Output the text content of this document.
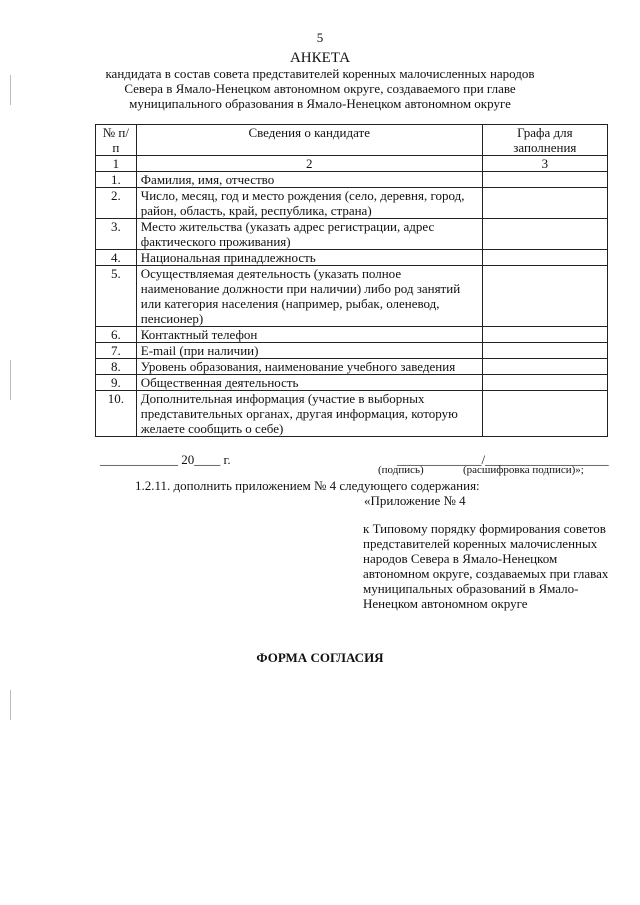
5
АНКЕТА
кандидата в состав совета представителей коренных малочисленных народов Севера в Ямало-Ненецком автономном округе, создаваемого при главе муниципального образования в Ямало-Ненецком автономном округе
№ п/п	Сведения о кандидате	Графа для заполнения
1	2	3
1.	Фамилия, имя, отчество	
2.	Число, месяц, год и место рождения (село, деревня, город, район, область, край, республика, страна)	
3.	Место жительства (указать адрес регистрации, адрес фактического проживания)	
4.	Национальная принадлежность	
5.	Осуществляемая деятельность (указать полное наименование должности при наличии) либо род занятий или категория населения (например, рыбак, оленевод, пенсионер)	
6.	Контактный телефон	
7.	E-mail (при наличии)	
8.	Уровень образования, наименование учебного заведения	
9.	Общественная деятельность	
10.	Дополнительная информация (участие в выборных представительных органах, другая информация, которую желаете сообщить о себе)	
____________ 20____ г.	_____________/___________________
(подпись)	(расшифровка подписи)»;
1.2.11. дополнить приложением № 4 следующего содержания:
«Приложение № 4
к Типовому порядку формирования советов представителей коренных малочисленных народов Севера в Ямало-Ненецком автономном округе, создаваемых при главах муниципальных образований в Ямало-Ненецком автономном округе
ФОРМА СОГЛАСИЯ
